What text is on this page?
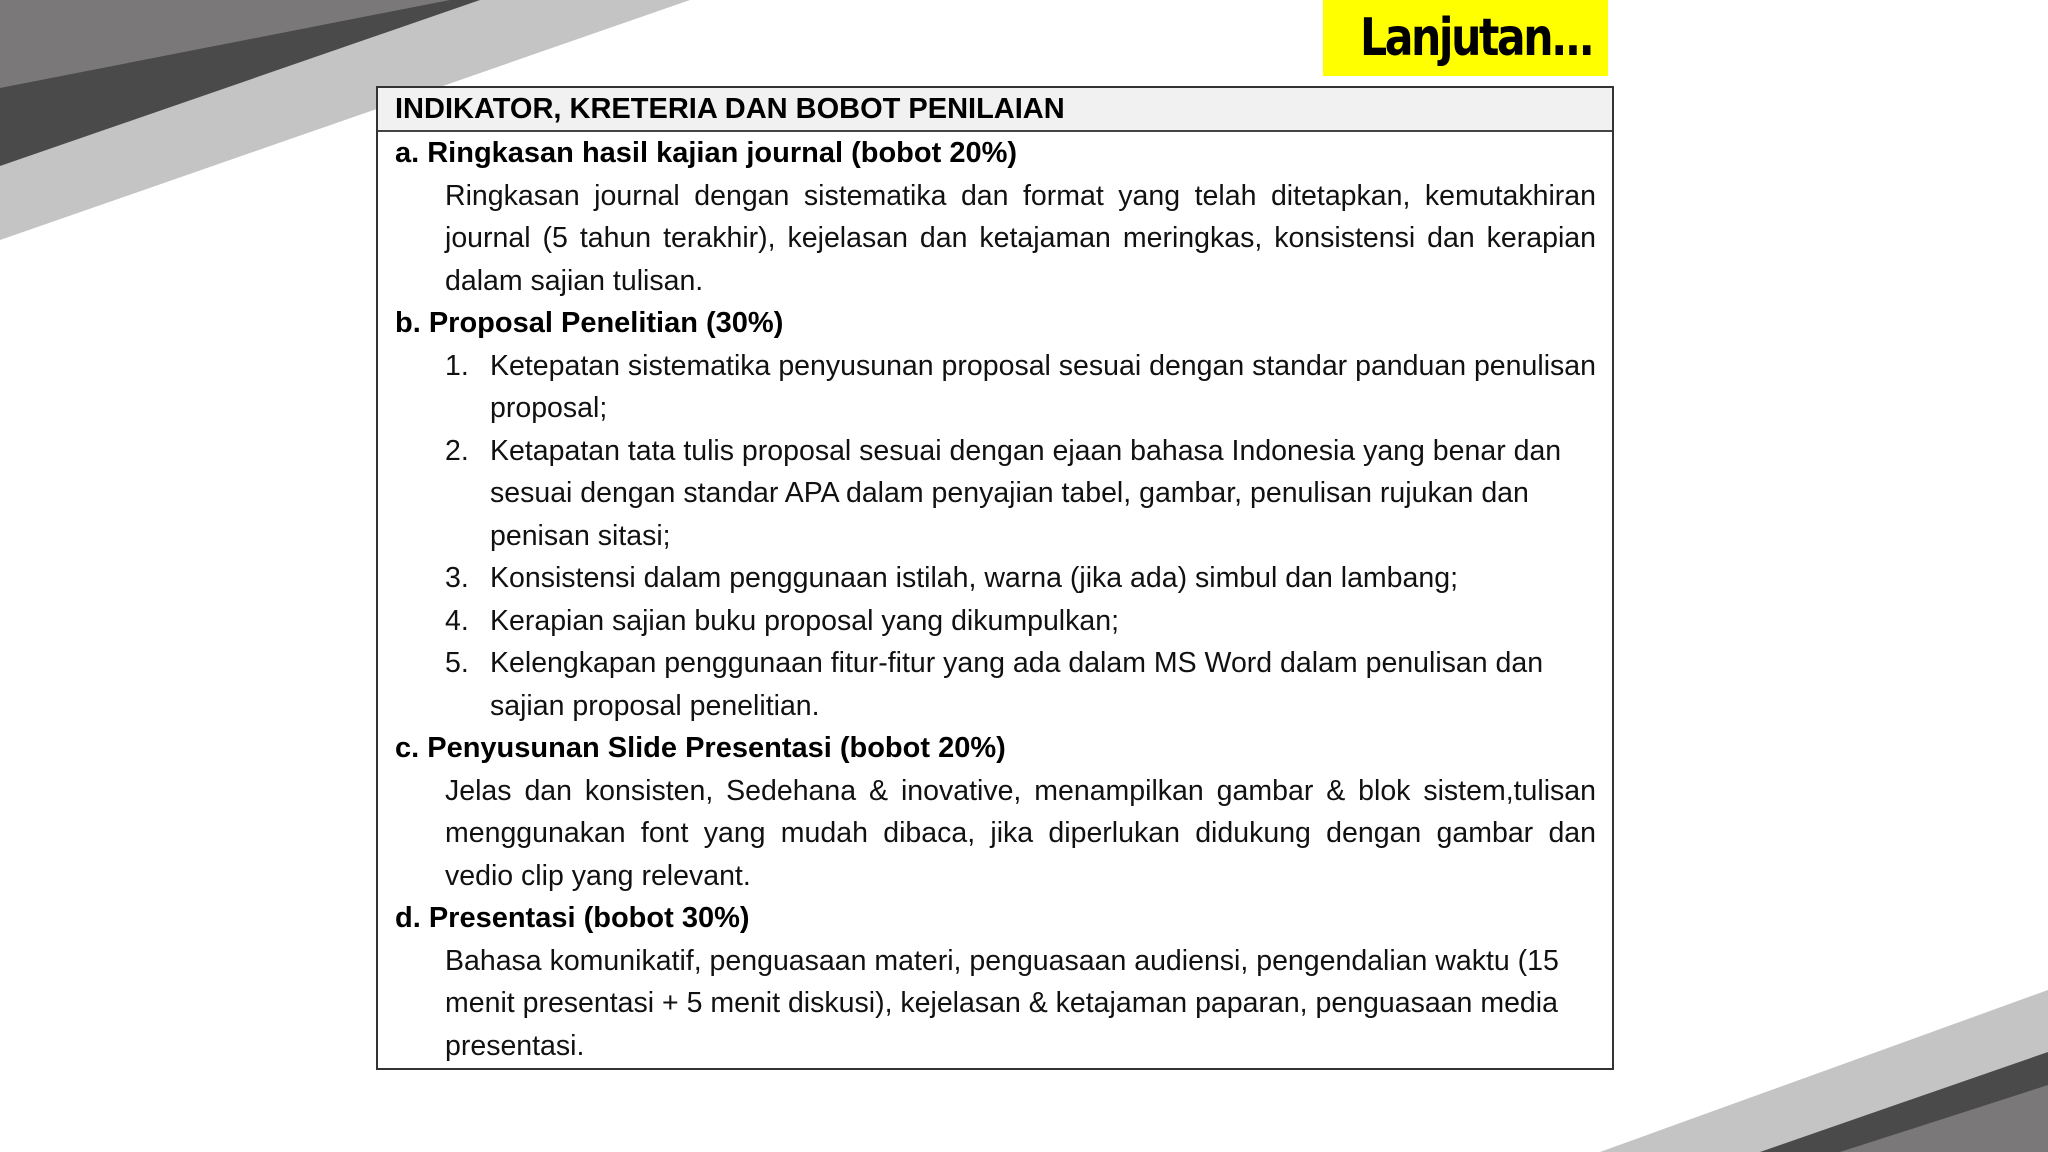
Lanjutan...
INDIKATOR, KRETERIA DAN BOBOT PENILAIAN
a. Ringkasan hasil kajian journal (bobot 20%)

Ringkasan journal dengan sistematika dan format yang telah ditetapkan, kemutakhiran journal (5 tahun terakhir), kejelasan dan ketajaman meringkas, konsistensi dan kerapian dalam sajian tulisan.

b. Proposal Penelitian (30%)
1. Ketepatan sistematika penyusunan proposal sesuai dengan standar panduan penulisan proposal;
2. Ketapatan tata tulis proposal sesuai dengan ejaan bahasa Indonesia yang benar dan sesuai dengan standar APA dalam penyajian tabel, gambar, penulisan rujukan dan penisan sitasi;
3. Konsistensi dalam penggunaan istilah, warna (jika ada) simbul dan lambang;
4. Kerapian sajian buku proposal yang dikumpulkan;
5. Kelengkapan penggunaan fitur-fitur yang ada dalam MS Word dalam penulisan dan sajian proposal penelitian.
c. Penyusunan Slide Presentasi (bobot 20%)

Jelas dan konsisten, Sedehana & inovative, menampilkan gambar & blok sistem,tulisan menggunakan font yang mudah dibaca, jika diperlukan didukung dengan gambar dan vedio clip yang relevant.

d. Presentasi (bobot 30%)

Bahasa komunikatif, penguasaan materi, penguasaan audiensi, pengendalian waktu (15 menit presentasi + 5 menit diskusi), kejelasan & ketajaman paparan, penguasaan media presentasi.
